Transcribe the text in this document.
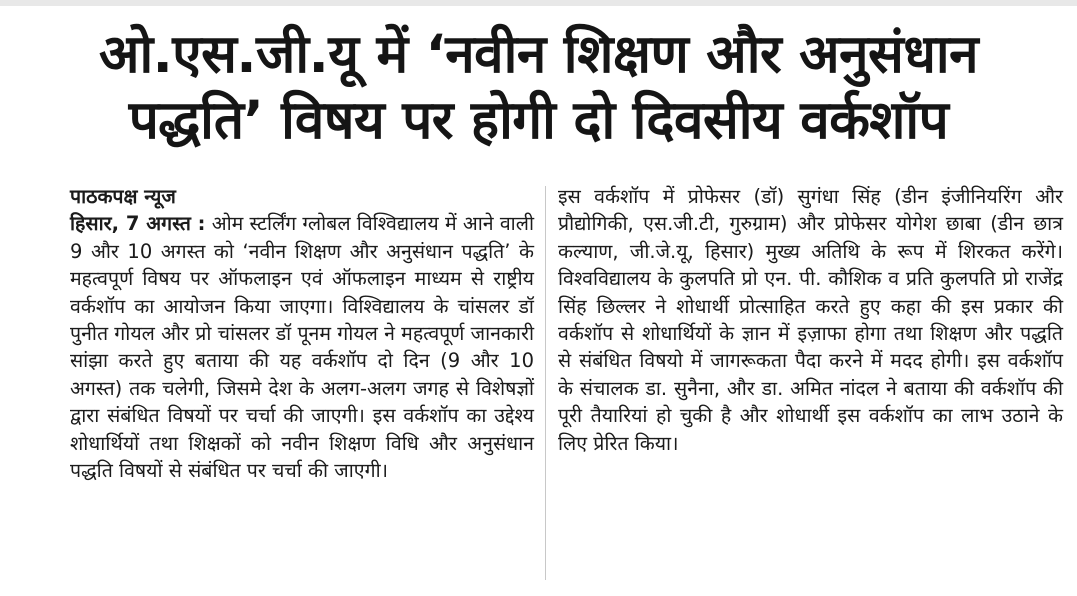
ओ.एस.जी.यू में ‘नवीन शिक्षण और अनुसंधान
पद्धति’ विषय पर होगी दो दिवसीय वर्कशॉप
पाठकपक्ष न्यूज

हिसार, 7 अगस्त : ओम स्टर्लिंग ग्लोबल विश्विद्यालय में आने वाली 9 और 10 अगस्त को ‘नवीन शिक्षण और अनुसंधान पद्धति’ के महत्वपूर्ण विषय पर ऑफलाइन एवं ऑफलाइन माध्यम से राष्ट्रीय वर्कशॉप का आयोजन किया जाएगा। विश्विद्यालय के चांसलर डॉ पुनीत गोयल और प्रो चांसलर डॉ पूनम गोयल ने महत्वपूर्ण जानकारी सांझा करते हुए बताया की यह वर्कशॉप दो दिन (9 और 10 अगस्त) तक चलेगी, जिसमे देश के अलग-अलग जगह से विशेषज्ञों द्वारा संबंधित विषयों पर चर्चा की जाएगी। इस वर्कशॉप का उद्देश्य शोधार्थियों तथा शिक्षकों को नवीन शिक्षण विधि और अनुसंधान पद्धति विषयों से संबंधित पर चर्चा की जाएगी।

इस वर्कशॉप में प्रोफेसर (डॉ) सुगंधा सिंह (डीन इंजीनियरिंग और प्रौद्योगिकी, एस.जी.टी, गुरुग्राम) और प्रोफेसर योगेश छाबा (डीन छात्र कल्याण, जी.जे.यू, हिसार) मुख्य अतिथि के रूप में शिरकत करेंगे। विश्वविद्यालय के कुलपति प्रो एन. पी. कौशिक व प्रति कुलपति प्रो राजेंद्र सिंह छिल्लर ने शोधार्थी प्रोत्साहित करते हुए कहा की इस प्रकार की वर्कशॉप से शोधार्थियों के ज्ञान में इज़ाफा होगा तथा शिक्षण और पद्धति से संबंधित विषयो में जागरूकता पैदा करने में मदद होगी। इस वर्कशॉप के संचालक डा. सुनैना, और डा. अमित नांदल ने बताया की वर्कशॉप की पूरी तैयारियां हो चुकी है और शोधार्थी इस वर्कशॉप का लाभ उठाने के लिए प्रेरित किया।
